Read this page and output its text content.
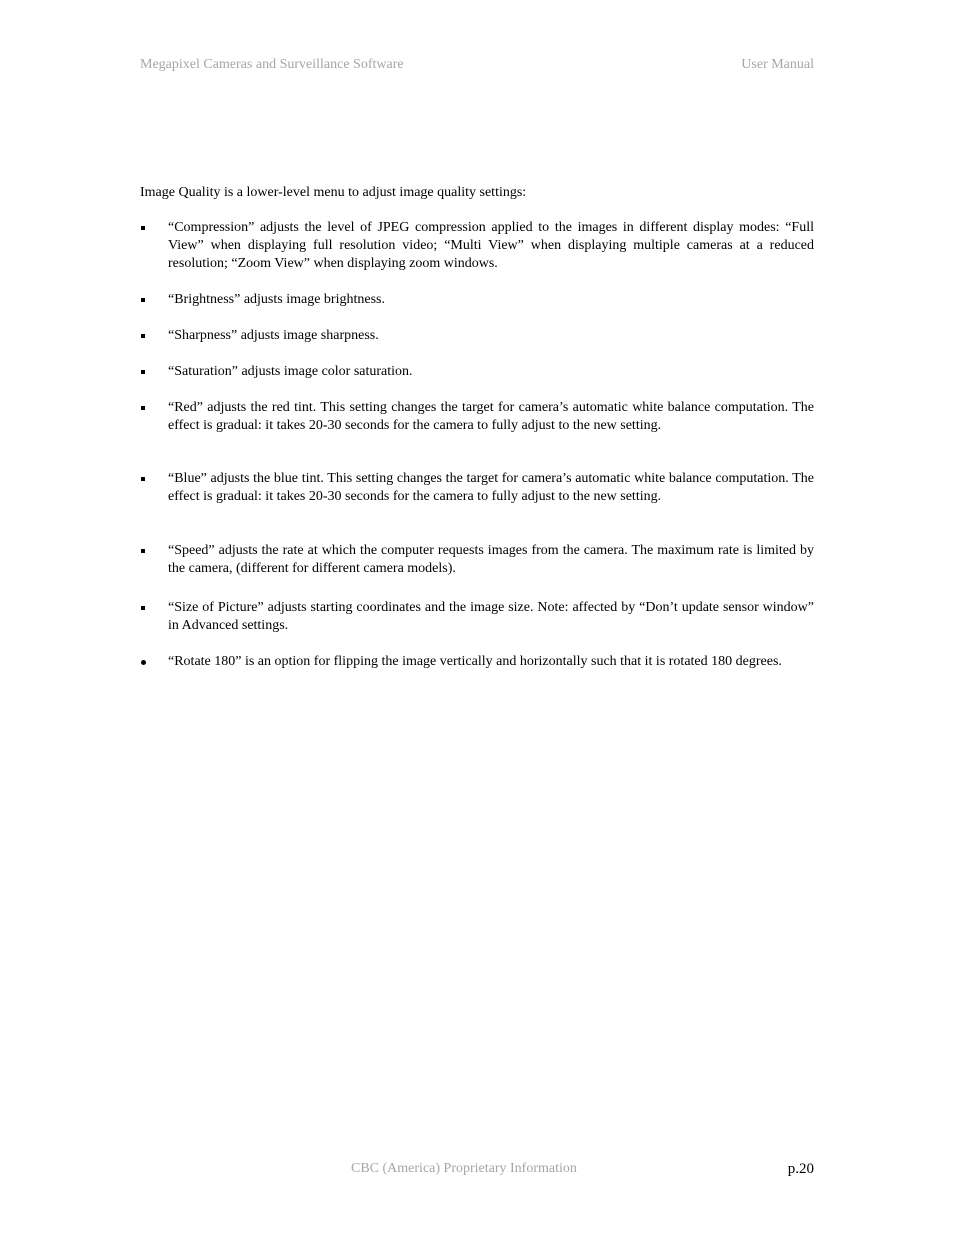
Megapixel Cameras and Surveillance Software	User Manual

Image Quality is a lower-level menu to adjust image quality settings:

“Compression” adjusts the level of JPEG compression applied to the images in different display modes: “Full View” when displaying full resolution video; “Multi View” when displaying multiple cameras at a reduced resolution; “Zoom View” when displaying zoom windows.
“Brightness” adjusts image brightness.
“Sharpness” adjusts image sharpness.
“Saturation” adjusts image color saturation.
“Red” adjusts the red tint. This setting changes the target for camera’s automatic white balance computation. The effect is gradual: it takes 20-30 seconds for the camera to fully adjust to the new setting.
“Blue” adjusts the blue tint. This setting changes the target for camera’s automatic white balance computation. The effect is gradual: it takes 20-30 seconds for the camera to fully adjust to the new setting.
“Speed” adjusts the rate at which the computer requests images from the camera. The maximum rate is limited by the camera, (different for different camera models).
“Size of Picture” adjusts starting coordinates and the image size. Note: affected by “Don’t update sensor window” in Advanced settings.
“Rotate 180” is an option for flipping the image vertically and horizontally such that it is rotated 180 degrees.
CBC (America) Proprietary Information	p.20
